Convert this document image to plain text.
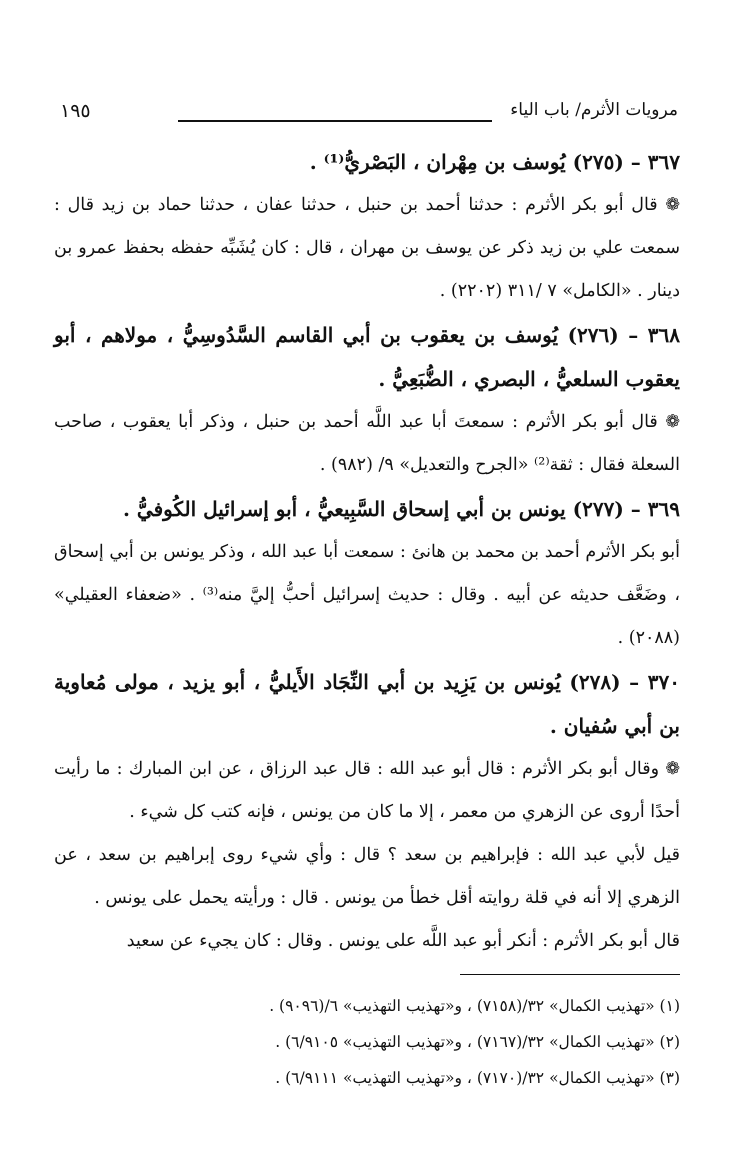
١٩٥	مرويات الأثرم/ باب الياء

٣٦٧ – (٢٧٥) يُوسف بن مِهْران ، البَصْريُّ⁽¹⁾ .

❁ قال أبو بكر الأثرم : حدثنا أحمد بن حنبل ، حدثنا عفان ، حدثنا حماد بن زيد قال : سمعت علي بن زيد ذكر عن يوسف بن مهران ، قال : كان يُشَبِّه حفظه بحفظ عمرو بن دينار . «الكامل» ٧ /٣١١ (٢٢٠٢) .

٣٦٨ – (٢٧٦) يُوسف بن يعقوب بن أبي القاسم السَّدُوسِيُّ ، مولاهم ، أبو يعقوب السلعيُّ ، البصري ، الضُّبَعِيُّ .

❁ قال أبو بكر الأثرم : سمعتَ أبا عبد اللَّه أحمد بن حنبل ، وذكر أبا يعقوب ، صاحب السعلة فقال : ثقة⁽²⁾ «الجرح والتعديل» ٩/ (٩٨٢) .

٣٦٩ – (٢٧٧) يونس بن أبي إسحاق السَّبِيعيُّ ، أبو إسرائيل الكُوفيُّ .

أبو بكر الأثرم أحمد بن محمد بن هانئ : سمعت أبا عبد الله ، وذكر يونس بن أبي إسحاق ، وضَعَّف حديثه عن أبيه . وقال : حديث إسرائيل أحبُّ إليَّ منه⁽³⁾ . «ضعفاء العقيلي» (٢٠٨٨) .

٣٧٠ – (٢٧٨) يُونس بن يَزِيد بن أبي النِّجَاد الأَيليُّ ، أبو يزيد ، مولى مُعاوية بن أبي سُفيان .

❁ وقال أبو بكر الأثرم : قال أبو عبد الله : قال عبد الرزاق ، عن ابن المبارك : ما رأيت أحدًا أروى عن الزهري من معمر ، إلا ما كان من يونس ، فإنه كتب كل شيء .

قيل لأبي عبد الله : فإبراهيم بن سعد ؟ قال : وأي شيء روى إبراهيم بن سعد ، عن الزهري إلا أنه في قلة روايته أقل خطأ من يونس . قال : ورأيته يحمل على يونس .

قال أبو بكر الأثرم : أنكر أبو عبد اللَّه على يونس . وقال : كان يجيء عن سعيد

(١) «تهذيب الكمال» ٣٢/(٧١٥٨) ، و«تهذيب التهذيب» ٦/(٩٠٩٦) .

(٢) «تهذيب الكمال» ٣٢/(٧١٦٧) ، و«تهذيب التهذيب» ٦/٩١٠٥) .

(٣) «تهذيب الكمال» ٣٢/(٧١٧٠) ، و«تهذيب التهذيب» ٦/٩١١١) .
